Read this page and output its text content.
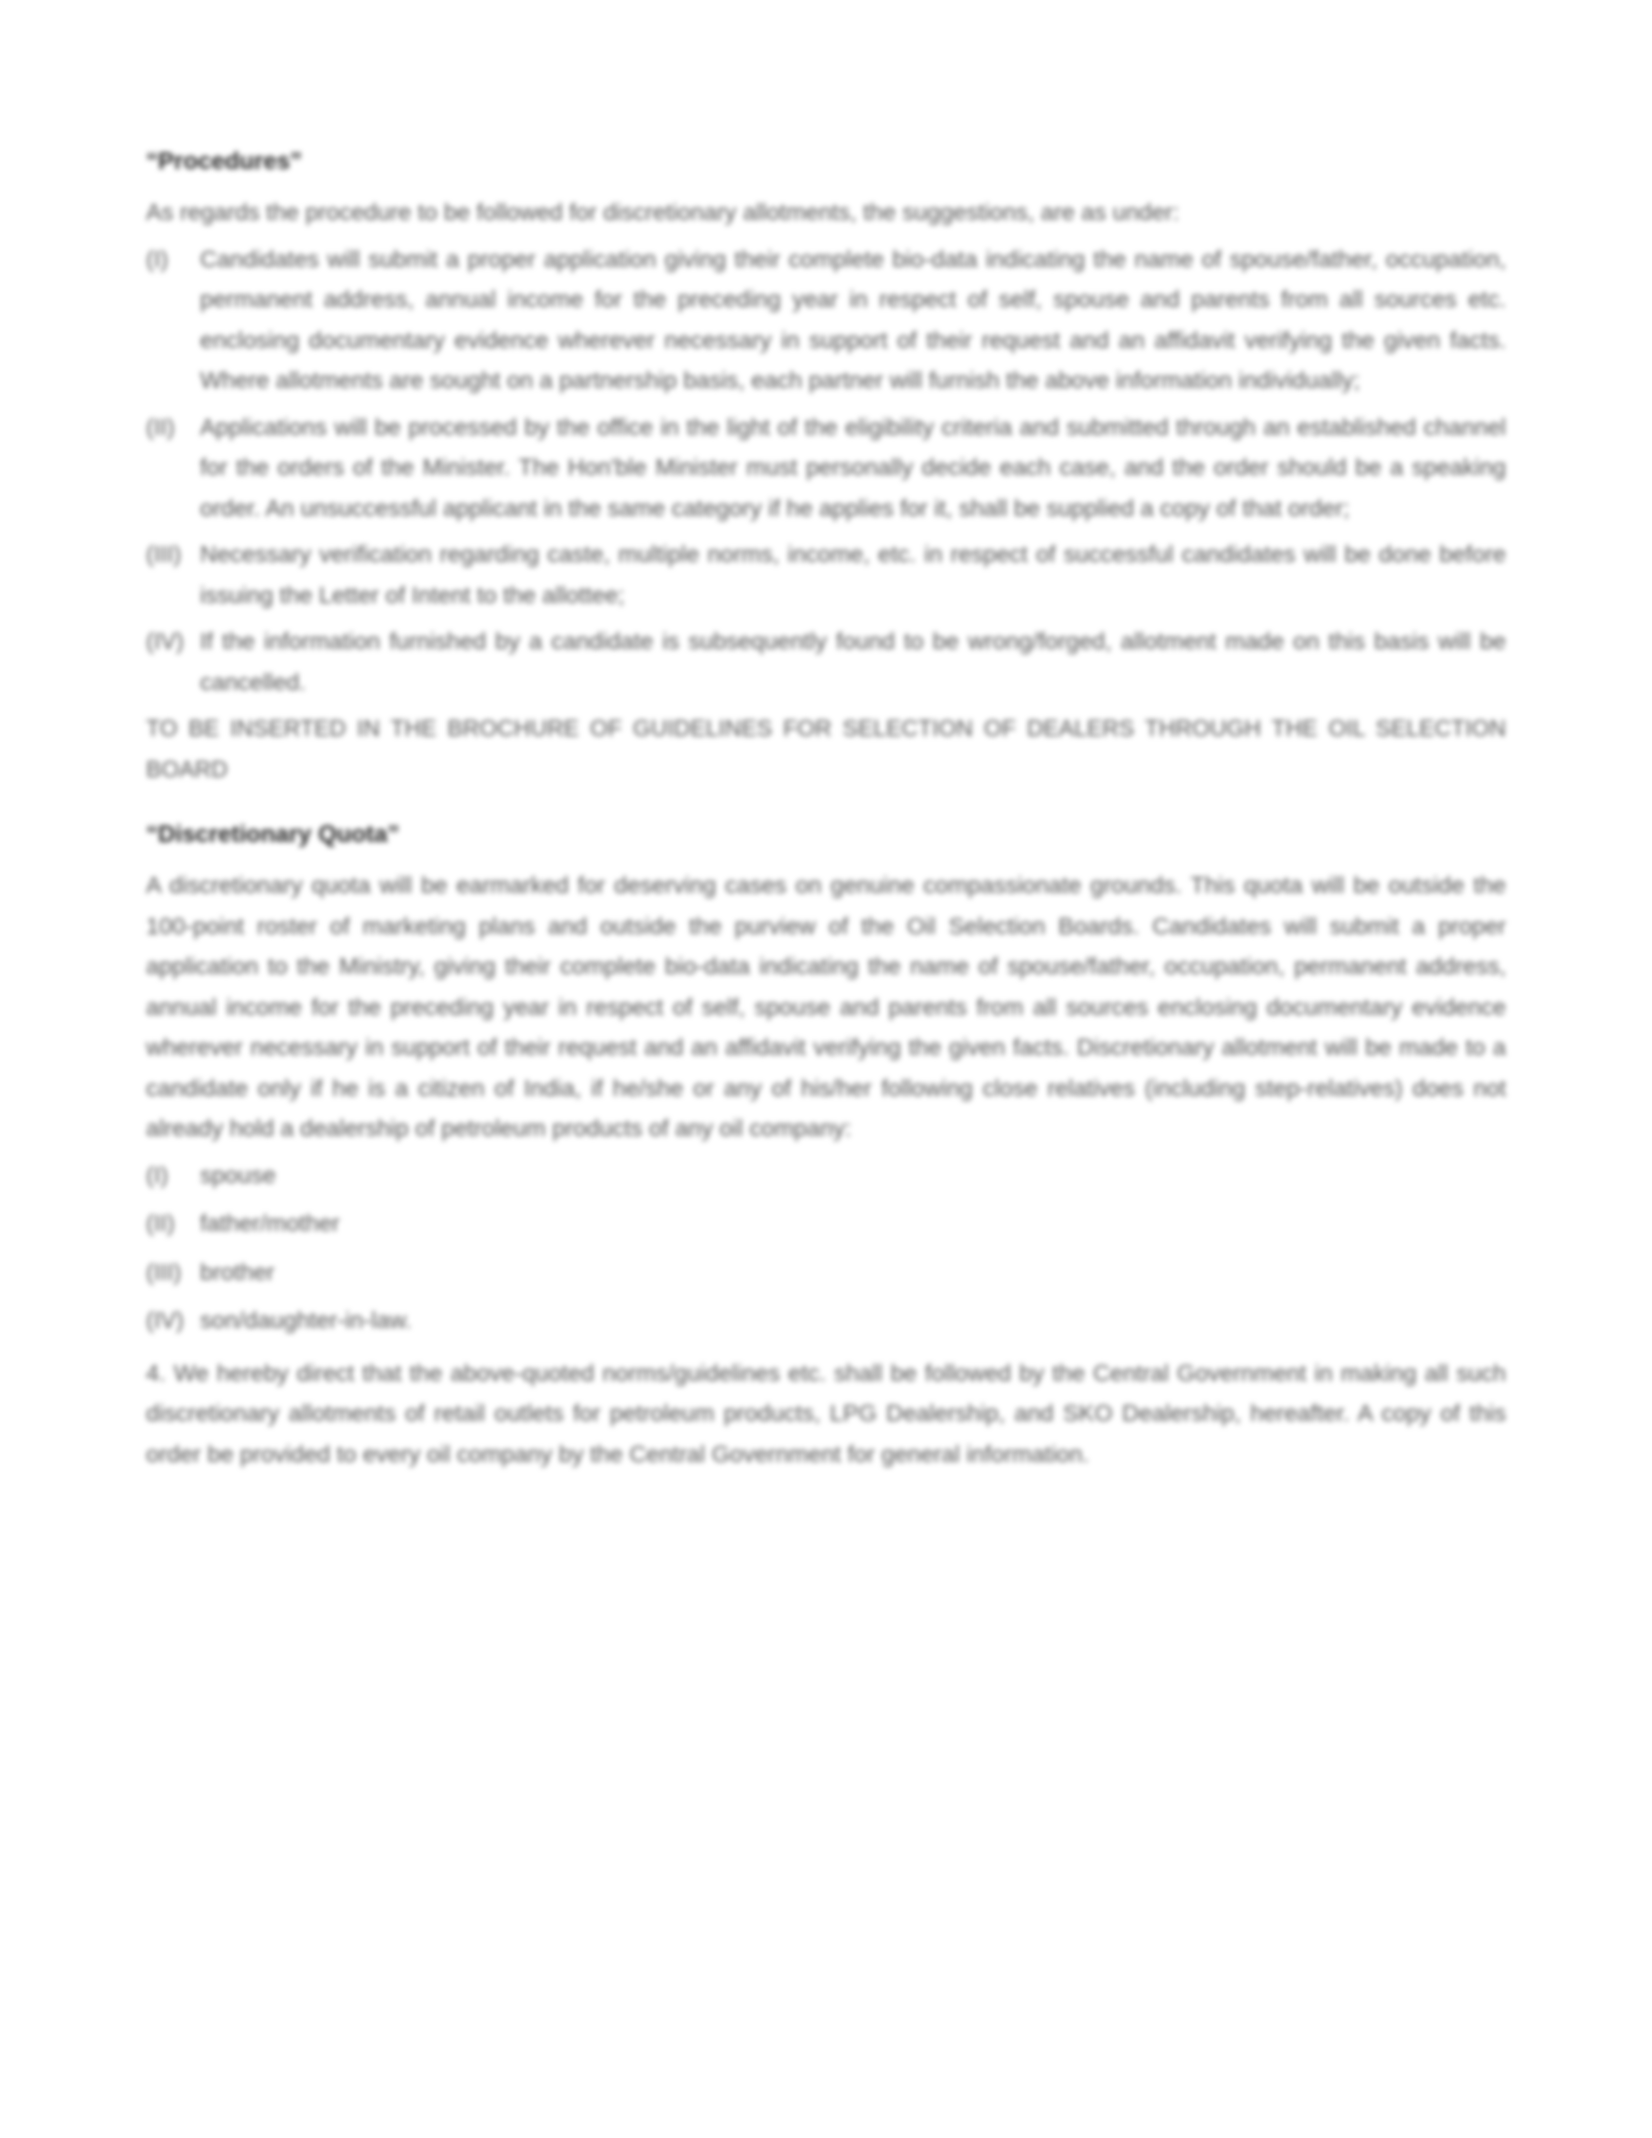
“Procedures”
As regards the procedure to be followed for discretionary allotments, the suggestions, are as under:
(I)	Candidates will submit a proper application giving their complete bio-data indicating the name of spouse/father, occupation, permanent address, annual income for the preceding year in respect of self, spouse and parents from all sources etc. enclosing documentary evidence wherever necessary in support of their request and an affidavit verifying the given facts. Where allotments are sought on a partnership basis, each partner will furnish the above information individually;
(II)	Applications will be processed by the office in the light of the eligibility criteria and submitted through an established channel for the orders of the Minister. The Hon'ble Minister must personally decide each case, and the order should be a speaking order. An unsuccessful applicant in the same category if he applies for it, shall be supplied a copy of that order;
(III) Necessary verification regarding caste, multiple norms, income, etc. in respect of successful candidates will be done before issuing the Letter of Intent to the allottee;
(IV) If the information furnished by a candidate is subsequently found to be wrong/forged, allotment made on this basis will be cancelled.
TO BE INSERTED IN THE BROCHURE OF GUIDELINES FOR SELECTION OF DEALERS THROUGH THE OIL SELECTION BOARD
“Discretionary Quota”
A discretionary quota will be earmarked for deserving cases on genuine compassionate grounds. This quota will be outside the 100-point roster of marketing plans and outside the purview of the Oil Selection Boards. Candidates will submit a proper application to the Ministry, giving their complete bio-data indicating the name of spouse/father, occupation, permanent address, annual income for the preceding year in respect of self, spouse and parents from all sources enclosing documentary evidence wherever necessary in support of their request and an affidavit verifying the given facts. Discretionary allotment will be made to a candidate only if he is a citizen of India, if he/she or any of his/her following close relatives (including step-relatives) does not already hold a dealership of petroleum products of any oil company:
(I)	spouse
(II)	father/mother
(III) brother
(IV) son/daughter-in-law.
4. We hereby direct that the above-quoted norms/guidelines etc. shall be followed by the Central Government in making all such discretionary allotments of retail outlets for petroleum products, LPG Dealership, and SKO Dealership, hereafter. A copy of this order be provided to every oil company by the Central Government for general information.
